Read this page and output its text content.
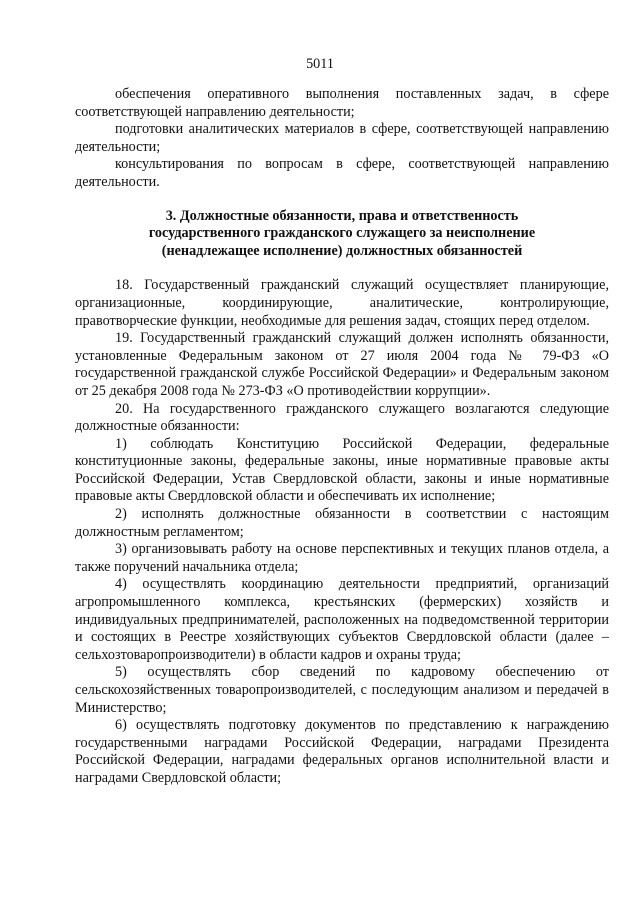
5011

обеспечения оперативного выполнения поставленных задач, в сфере соответствующей направлению деятельности;

подготовки аналитических материалов в сфере, соответствующей направлению деятельности;

консультирования по вопросам в сфере, соответствующей направлению деятельности.

3. Должностные обязанности, права и ответственность
государственного гражданского служащего за неисполнение
(ненадлежащее исполнение) должностных обязанностей

18. Государственный гражданский служащий осуществляет планирующие, организационные, координирующие, аналитические, контролирующие, правотворческие функции, необходимые для решения задач, стоящих перед отделом.

19. Государственный гражданский служащий должен исполнять обязанности, установленные Федеральным законом от 27 июля 2004 года № 79-ФЗ «О государственной гражданской службе Российской Федерации» и Федеральным законом от 25 декабря 2008 года № 273-ФЗ «О противодействии коррупции».

20. На государственного гражданского служащего возлагаются следующие должностные обязанности:

1) соблюдать Конституцию Российской Федерации, федеральные конституционные законы, федеральные законы, иные нормативные правовые акты Российской Федерации, Устав Свердловской области, законы и иные нормативные правовые акты Свердловской области и обеспечивать их исполнение;

2) исполнять должностные обязанности в соответствии с настоящим должностным регламентом;

3) организовывать работу на основе перспективных и текущих планов отдела, а также поручений начальника отдела;

4) осуществлять координацию деятельности предприятий, организаций агропромышленного комплекса, крестьянских (фермерских) хозяйств и индивидуальных предпринимателей, расположенных на подведомственной территории и состоящих в Реестре хозяйствующих субъектов Свердловской области (далее – сельхозтоваропроизводители) в области кадров и охраны труда;

5) осуществлять сбор сведений по кадровому обеспечению от сельскохозяйственных товаропроизводителей, с последующим анализом и передачей в Министерство;

6) осуществлять подготовку документов по представлению к награждению государственными наградами Российской Федерации, наградами Президента Российской Федерации, наградами федеральных органов исполнительной власти и наградами Свердловской области;
